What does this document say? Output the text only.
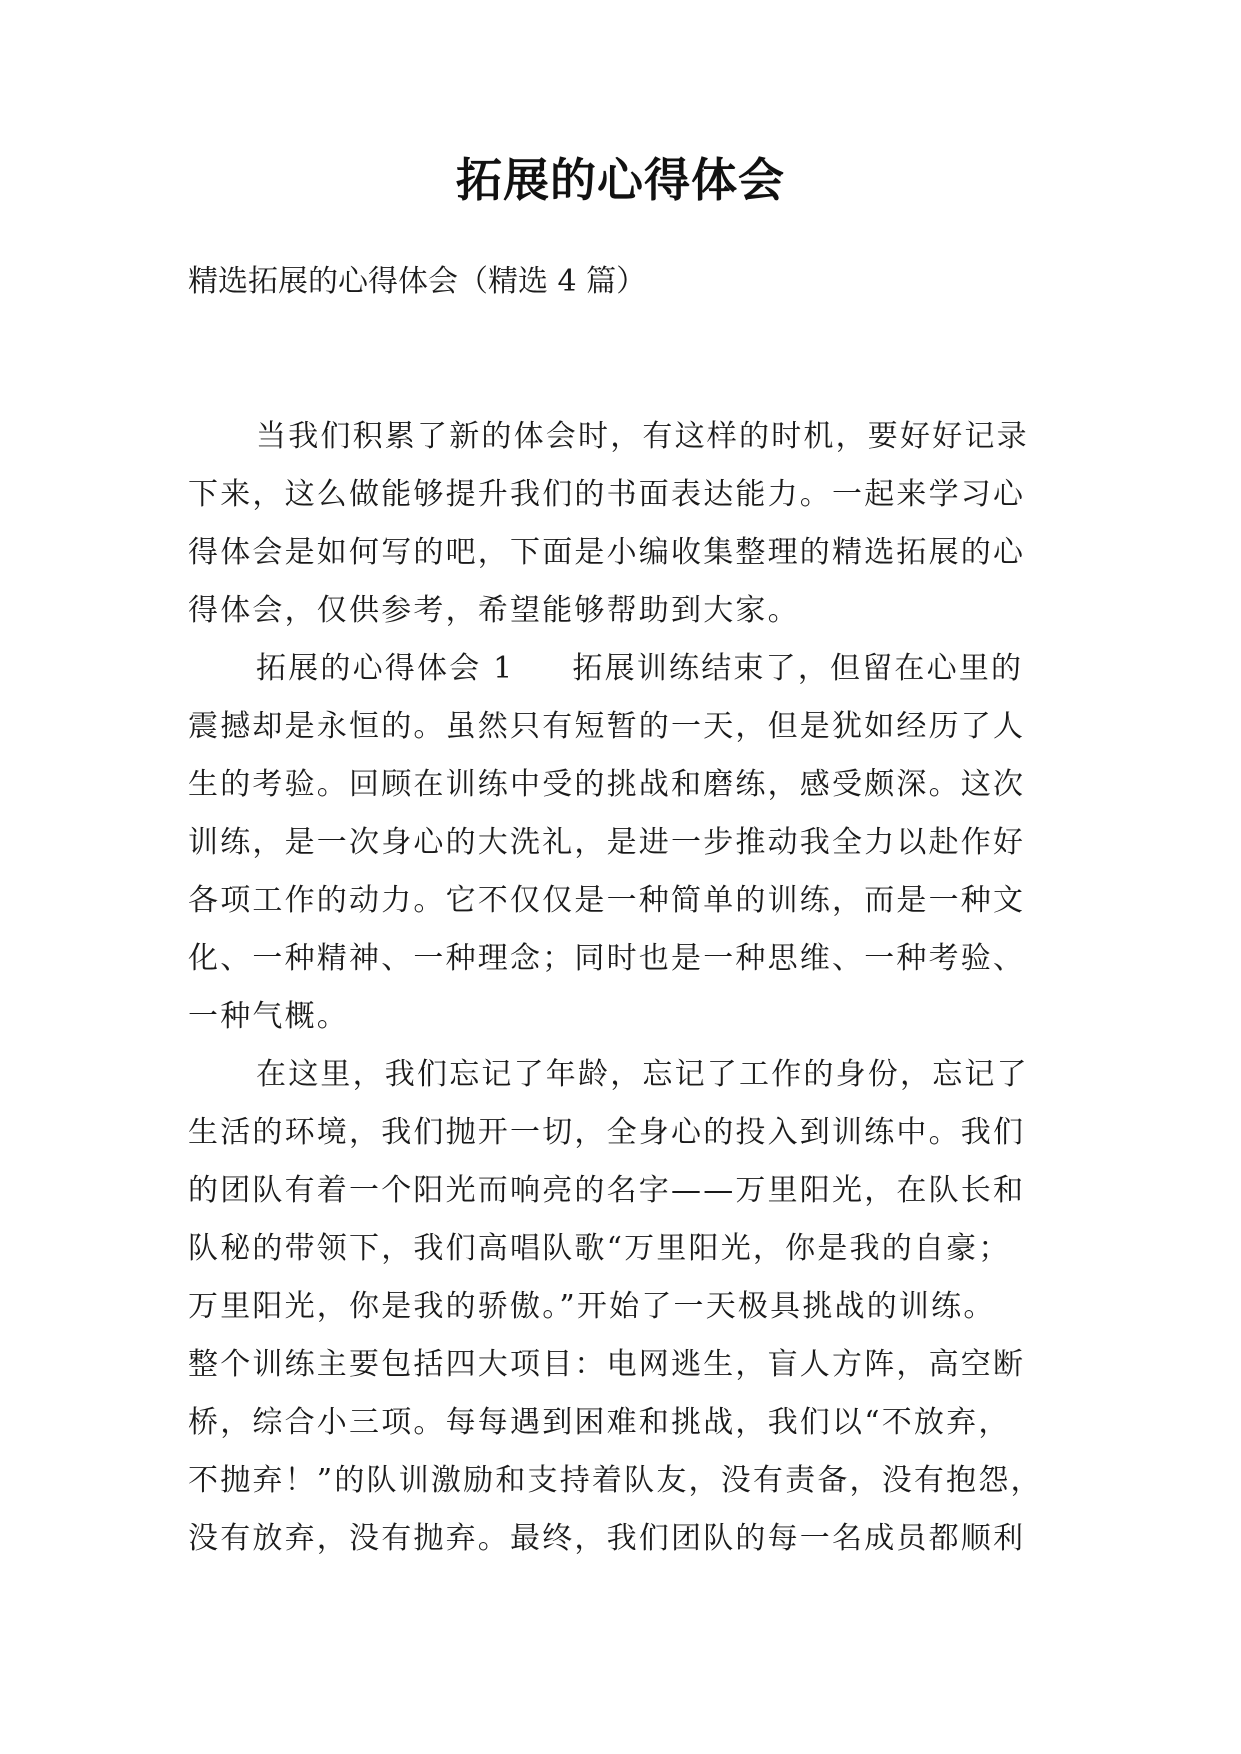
拓展的心得体会
精选拓展的心得体会（精选 4 篇）
当我们积累了新的体会时，有这样的时机，要好好记录
下来，这么做能够提升我们的书面表达能力。一起来学习心
得体会是如何写的吧，下面是小编收集整理的精选拓展的心
得体会，仅供参考，希望能够帮助到大家。
拓展的心得体会 1 拓展训练结束了，但留在心里的
震撼却是永恒的。虽然只有短暂的一天，但是犹如经历了人
生的考验。回顾在训练中受的挑战和磨练，感受颇深。这次
训练，是一次身心的大洗礼，是进一步推动我全力以赴作好
各项工作的动力。它不仅仅是一种简单的训练，而是一种文
化、一种精神、一种理念；同时也是一种思维、一种考验、
一种气概。
在这里，我们忘记了年龄，忘记了工作的身份，忘记了
生活的环境，我们抛开一切，全身心的投入到训练中。我们
的团队有着一个阳光而响亮的名字——万里阳光，在队长和
队秘的带领下，我们高唱队歌“万里阳光，你是我的自豪；
万里阳光，你是我的骄傲。”开始了一天极具挑战的训练。
整个训练主要包括四大项目：电网逃生，盲人方阵，高空断
桥，综合小三项。每每遇到困难和挑战，我们以“不放弃，
不抛弃！”的队训激励和支持着队友，没有责备，没有抱怨，
没有放弃，没有抛弃。最终，我们团队的每一名成员都顺利
